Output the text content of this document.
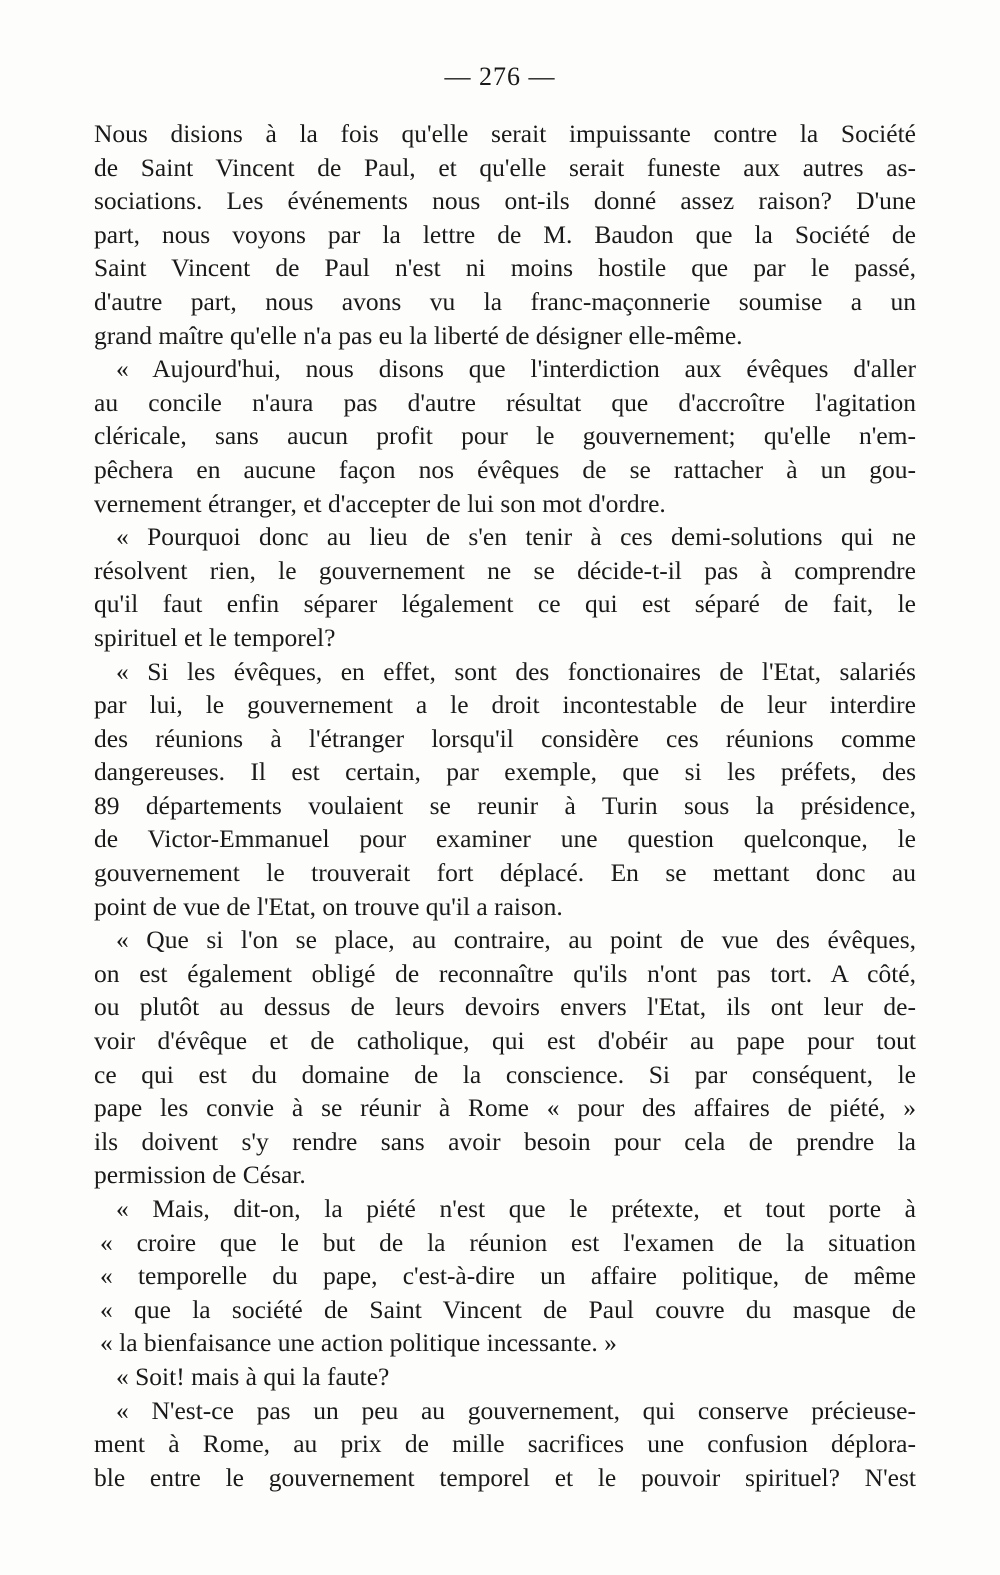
— 276 —
Nous disions à la fois qu'elle serait impuissante contre la Société
de Saint Vincent de Paul, et qu'elle serait funeste aux autres as-
sociations. Les événements nous ont-ils donné assez raison? D'une
part, nous voyons par la lettre de M. Baudon que la Société de
Saint Vincent de Paul n'est ni moins hostile que par le passé,
d'autre part, nous avons vu la franc-maçonnerie soumise a un
grand maître qu'elle n'a pas eu la liberté de désigner elle-même.
« Aujourd'hui, nous disons que l'interdiction aux évêques d'aller
au concile n'aura pas d'autre résultat que d'accroître l'agitation
cléricale, sans aucun profit pour le gouvernement; qu'elle n'em-
pêchera en aucune façon nos évêques de se rattacher à un gou-
vernement étranger, et d'accepter de lui son mot d'ordre.
« Pourquoi donc au lieu de s'en tenir à ces demi-solutions qui ne
résolvent rien, le gouvernement ne se décide-t-il pas à comprendre
qu'il faut enfin séparer légalement ce qui est séparé de fait, le
spirituel et le temporel?
« Si les évêques, en effet, sont des fonctionaires de l'Etat, salariés
par lui, le gouvernement a le droit incontestable de leur interdire
des réunions à l'étranger lorsqu'il considère ces réunions comme
dangereuses. Il est certain, par exemple, que si les préfets, des
89 départements voulaient se reunir à Turin sous la présidence,
de Victor-Emmanuel pour examiner une question quelconque, le
gouvernement le trouverait fort déplacé. En se mettant donc au
point de vue de l'Etat, on trouve qu'il a raison.
« Que si l'on se place, au contraire, au point de vue des évêques,
on est également obligé de reconnaître qu'ils n'ont pas tort. A côté,
ou plutôt au dessus de leurs devoirs envers l'Etat, ils ont leur de-
voir d'évêque et de catholique, qui est d'obéir au pape pour tout
ce qui est du domaine de la conscience. Si par conséquent, le
pape les convie à se réunir à Rome « pour des affaires de piété, »
ils doivent s'y rendre sans avoir besoin pour cela de prendre la
permission de César.
« Mais, dit-on, la piété n'est que le prétexte, et tout porte à
« croire que le but de la réunion est l'examen de la situation
« temporelle du pape, c'est-à-dire un affaire politique, de même
« que la société de Saint Vincent de Paul couvre du masque de
« la bienfaisance une action politique incessante. »
« Soit! mais à qui la faute?
« N'est-ce pas un peu au gouvernement, qui conserve précieuse-
ment à Rome, au prix de mille sacrifices une confusion déplora-
ble entre le gouvernement temporel et le pouvoir spirituel? N'est
